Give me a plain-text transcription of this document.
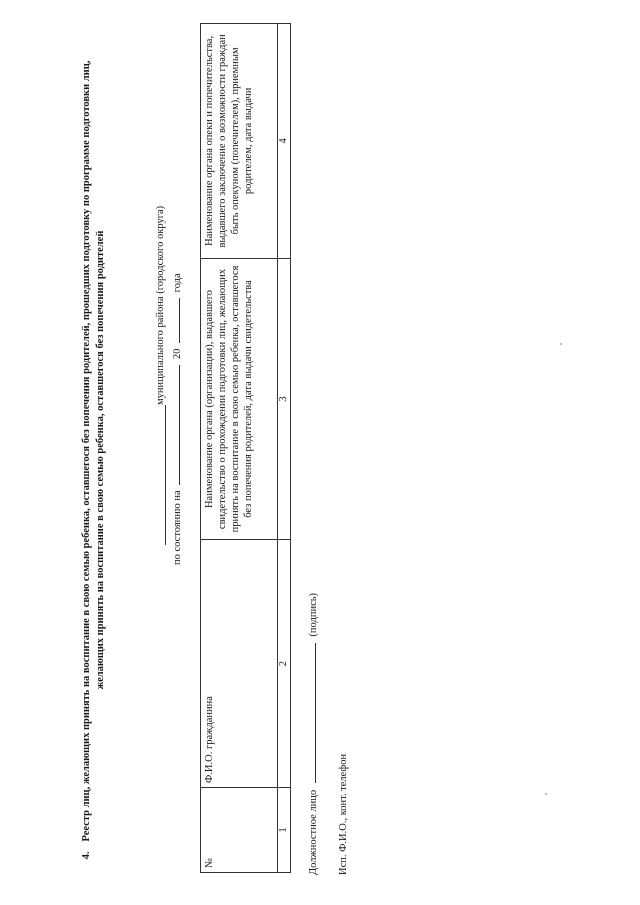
4.Реестр лиц, желающих принять на воспитание в свою семью ребенка, оставшегося без попечения родителей, прошедших подготовку по программе подготовки лиц, желающих принять на воспитание в свою семью ребенка, оставшегося без попечения родителей	муниципального района (городского округа)
по состоянию на  20  года
№	Ф.И.О. гражданина	Наименование органа (организации), выдавшего свидетельство о прохождении подготовки лиц, желающих принять на воспитание в свою семью ребенка, оставшегося без попечения родителей, дата выдачи свидетельства	Наименование органа опеки и попечительства, выдавшего заключение о возможности граждан быть опекуном (попечителем), приемным родителем, дата выдачи
1	2	3	4
Должностное лицо  (подпись)
Исп. Ф.И.О., конт. телефон
